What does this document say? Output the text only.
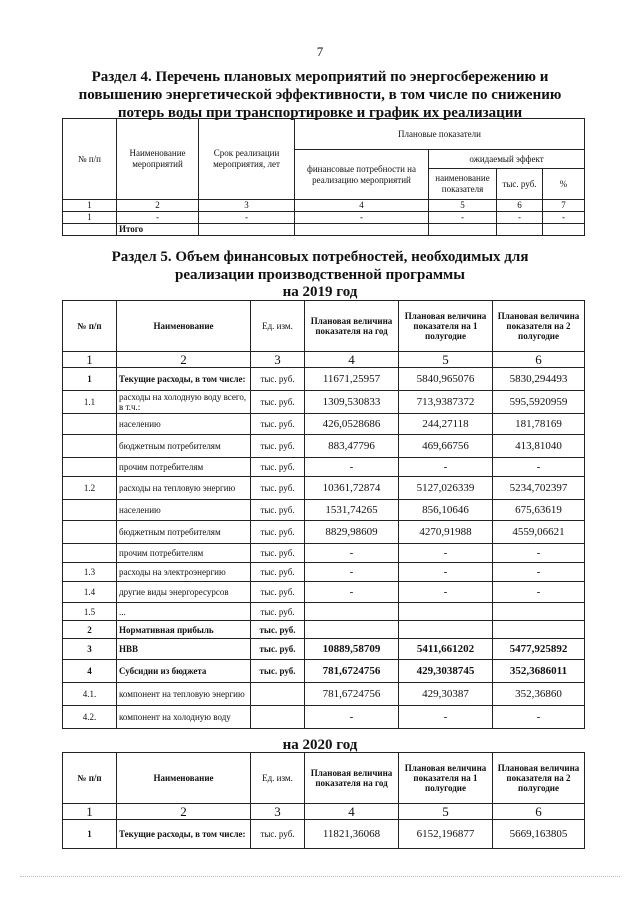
7
Раздел 4. Перечень плановых мероприятий по энергосбережению и
повышению энергетической эффективности, в том числе по снижению
потерь воды при транспортировке и график их реализации
№ п/п	Наименование мероприятий	Срок реализации мероприятия, лет	Плановые показатели			
			финансовые потребности на реализацию мероприятий	ожидаемый эффект		
				наименование показателя	тыс. руб.	%
1	2	3	4	5	6	7
1	-	-	-	-	-	-
	Итого					
Раздел 5. Объем финансовых потребностей, необходимых для
реализации производственной программы
на 2019 год
№ п/п	Наименование	Ед. изм.	Плановая величина показателя на год	Плановая величина показателя на 1 полугодие	Плановая величина показателя на 2 полугодие
1	2	3	4	5	6
1	Текущие расходы, в том числе:	тыс. руб.	11671,25957	5840,965076	5830,294493
1.1	расходы на холодную воду всего, в т.ч.:	тыс. руб.	1309,530833	713,9387372	595,5920959
	населению	тыс. руб.	426,0528686	244,27118	181,78169
	бюджетным потребителям	тыс. руб.	883,47796	469,66756	413,81040
	прочим потребителям	тыс. руб.	-	-	-
1.2	расходы на тепловую энергию	тыс. руб.	10361,72874	5127,026339	5234,702397
	населению	тыс. руб.	1531,74265	856,10646	675,63619
	бюджетным потребителям	тыс. руб.	8829,98609	4270,91988	4559,06621
	прочим потребителям	тыс. руб.	-	-	-
1.3	расходы на электроэнергию	тыс. руб.	-	-	-
1.4	другие виды энергоресурсов	тыс. руб.	-	-	-
1.5	...	тыс. руб.			
2	Нормативная прибыль	тыс. руб.			
3	НВВ	тыс. руб.	10889,58709	5411,661202	5477,925892
4	Субсидии из бюджета	тыс. руб.	781,6724756	429,3038745	352,3686011
4.1.	компонент на тепловую энергию		781,6724756	429,30387	352,36860
4.2.	компонент на холодную воду		-	-	-
на 2020 год
№ п/п	Наименование	Ед. изм.	Плановая величина показателя на год	Плановая величина показателя на 1 полугодие	Плановая величина показателя на 2 полугодие
1	2	3	4	5	6
1	Текущие расходы, в том числе:	тыс. руб.	11821,36068	6152,196877	5669,163805
